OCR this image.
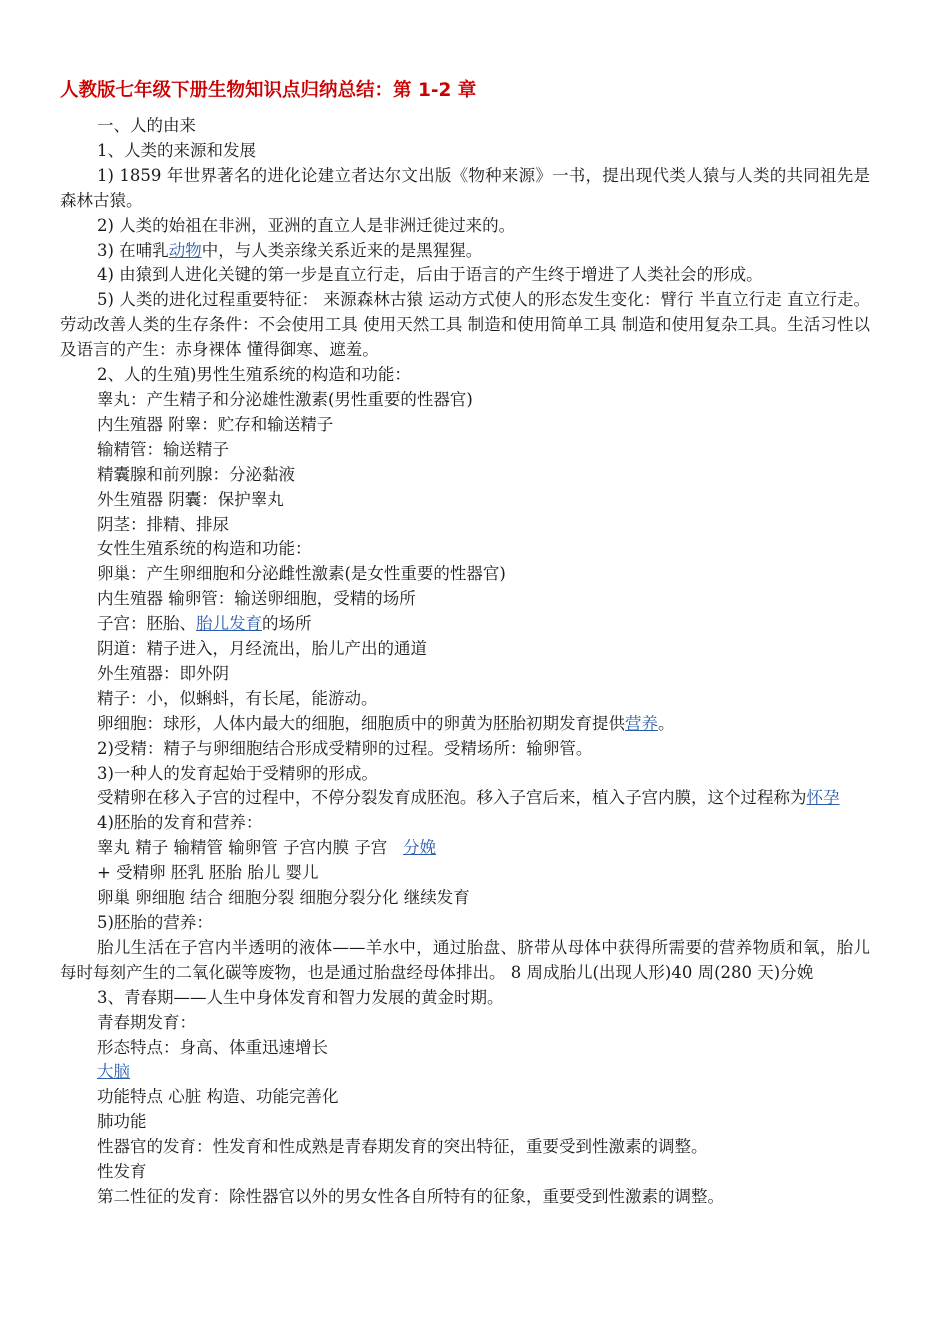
人教版七年级下册生物知识点归纳总结：第 1-2 章

一、人的由来

1、人类的来源和发展

1) 1859 年世界著名的进化论建立者达尔文出版《物种来源》一书，提出现代类人猿与人类的共同祖先是森林古猿。

2) 人类的始祖在非洲，亚洲的直立人是非洲迁徙过来的。

3) 在哺乳动物中，与人类亲缘关系近来的是黑猩猩。

4) 由猿到人进化关键的第一步是直立行走，后由于语言的产生终于增进了人类社会的形成。

5) 人类的进化过程重要特征： 来源森林古猿 运动方式使人的形态发生变化：臂行 半直立行走 直立行走。 劳动改善人类的生存条件：不会使用工具 使用天然工具 制造和使用简单工具 制造和使用复杂工具。生活习性以及语言的产生：赤身裸体 懂得御寒、遮羞。

2、人的生殖)男性生殖系统的构造和功能：

睾丸：产生精子和分泌雄性激素(男性重要的性器官)

内生殖器 附睾：贮存和输送精子

输精管：输送精子

精囊腺和前列腺：分泌黏液

外生殖器 阴囊：保护睾丸

阴茎：排精、排尿

女性生殖系统的构造和功能：

卵巢：产生卵细胞和分泌雌性激素(是女性重要的性器官)

内生殖器 输卵管：输送卵细胞，受精的场所

子宫：胚胎、胎儿发育的场所

阴道：精子进入，月经流出，胎儿产出的通道

外生殖器：即外阴

精子：小，似蝌蚪，有长尾，能游动。

卵细胞：球形，人体内最大的细胞，细胞质中的卵黄为胚胎初期发育提供营养。

2)受精：精子与卵细胞结合形成受精卵的过程。受精场所：输卵管。

3)一种人的发育起始于受精卵的形成。

受精卵在移入子宫的过程中，不停分裂发育成胚泡。移入子宫后来，植入子宫内膜，这个过程称为怀孕

4)胚胎的发育和营养：

睾丸 精子 输精管 输卵管 子宫内膜 子宫   分娩

+ 受精卵 胚乳 胚胎 胎儿 婴儿

卵巢 卵细胞 结合 细胞分裂 细胞分裂分化 继续发育

5)胚胎的营养：

胎儿生活在子宫内半透明的液体——羊水中，通过胎盘、脐带从母体中获得所需要的营养物质和氧，胎儿每时每刻产生的二氧化碳等废物，也是通过胎盘经母体排出。 8 周成胎儿(出现人形)40 周(280 天)分娩

3、青春期——人生中身体发育和智力发展的黄金时期。

青春期发育：

形态特点：身高、体重迅速增长

大脑

功能特点 心脏 构造、功能完善化

肺功能

性器官的发育：性发育和性成熟是青春期发育的突出特征，重要受到性激素的调整。

性发育

第二性征的发育：除性器官以外的男女性各自所特有的征象，重要受到性激素的调整。
